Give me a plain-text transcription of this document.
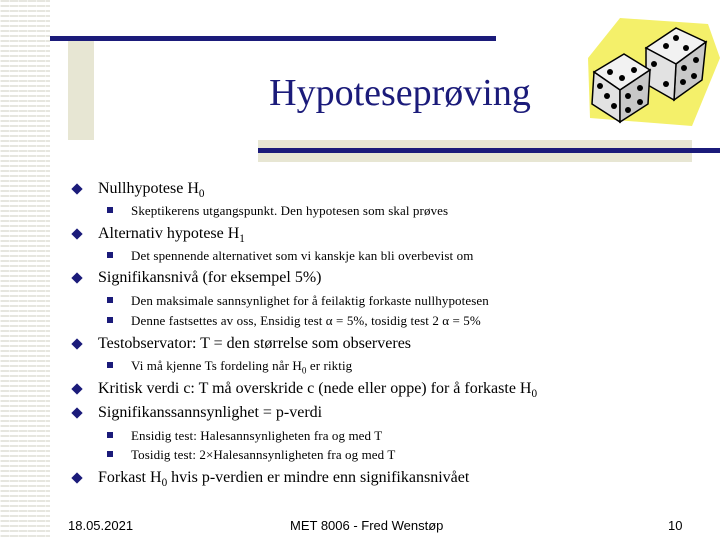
Hypoteseprøving
Nullhypotese $H_0$
Skeptikerens utgangspunkt. Den hypotesen som skal prøves
Alternativ hypotese $H_1$
Det spennende alternativet som vi kanskje kan bli overbevist om
Signifikansnivå (for eksempel 5%)
Den maksimale sannsynlighet for å feilaktig forkaste nullhypotesen
Denne fastsettes av oss, Ensidig test α = 5%, tosidig test 2 α = 5%
Testobservator: T = den størrelse som observeres
Vi må kjenne Ts fordeling når $H_0$ er riktig
Kritisk verdi c: T må overskride c (nede eller oppe) for å forkaste $H_0$
Signifikanssannsynlighet = p-verdi
Ensidig test: Halesannsynligheten fra og med T
Tosidig test: 2×Halesannsynligheten fra og med T
Forkast $H_0$ hvis p-verdien er mindre enn signifikansnivået
18.05.2021	MET 8006 - Fred Wenstøp	10
